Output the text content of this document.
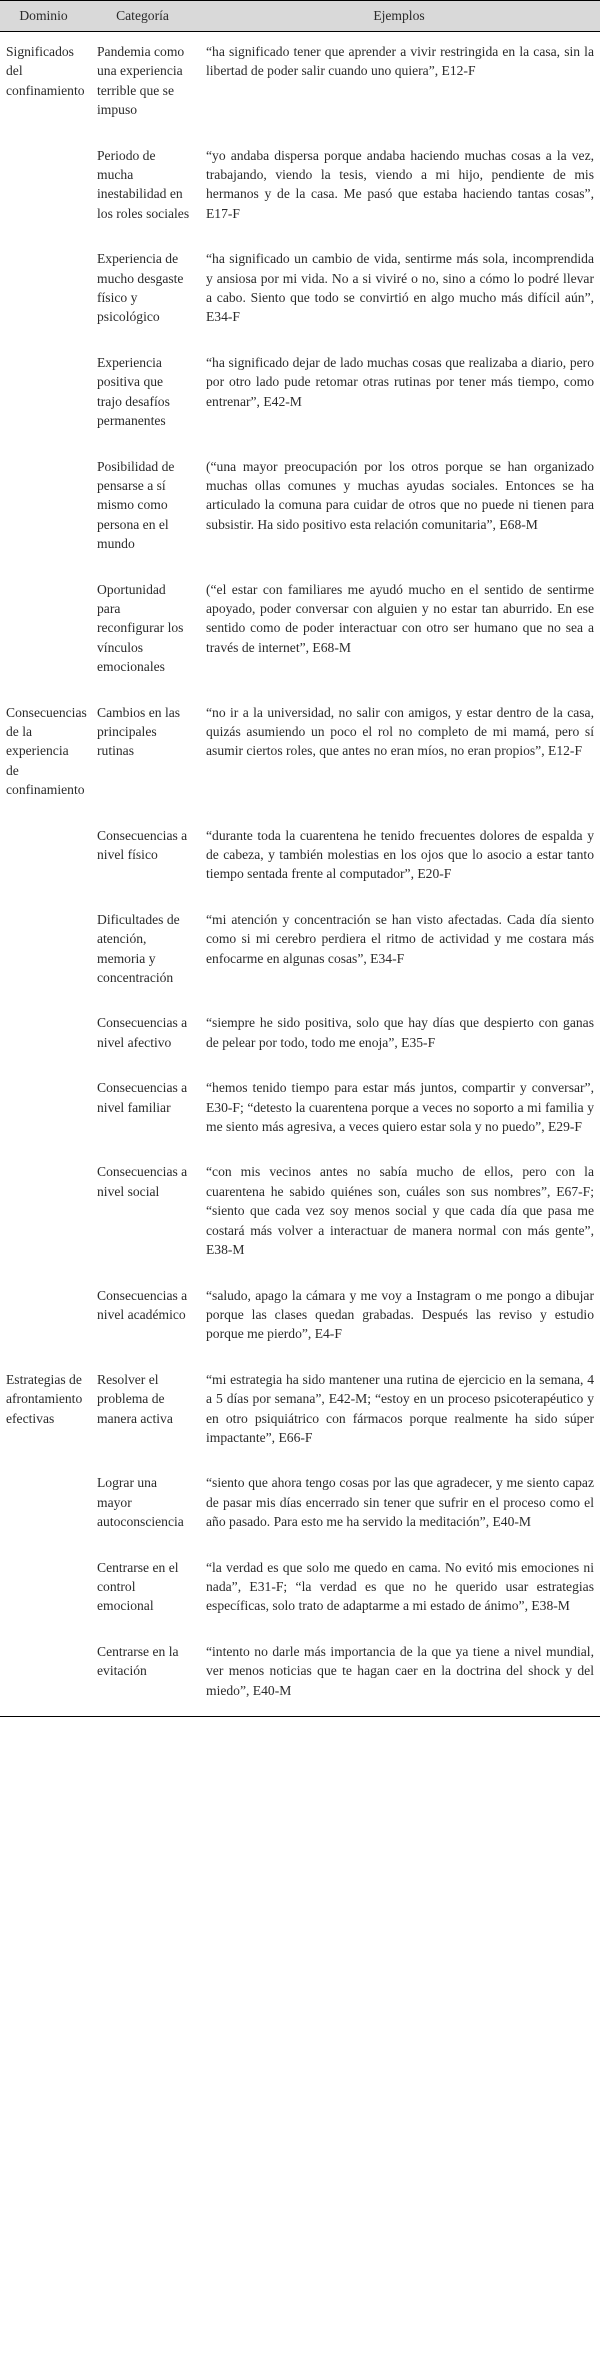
Dominio	Categoría	Ejemplos
Significados del confinamiento	Pandemia como una experiencia terrible que se impuso	“ha significado tener que aprender a vivir restringida en la casa, sin la libertad de poder salir cuando uno quiera”, E12-F
	Periodo de mucha inestabilidad en los roles sociales	“yo andaba dispersa porque andaba haciendo muchas cosas a la vez, trabajando, viendo la tesis, viendo a mi hijo, pendiente de mis hermanos y de la casa. Me pasó que estaba haciendo tantas cosas”, E17-F
	Experiencia de mucho desgaste físico y psicológico	“ha significado un cambio de vida, sentirme más sola, incomprendida y ansiosa por mi vida. No a si viviré o no, sino a cómo lo podré llevar a cabo. Siento que todo se convirtió en algo mucho más difícil aún”, E34-F
	Experiencia positiva que trajo desafíos permanentes	“ha significado dejar de lado muchas cosas que realizaba a diario, pero por otro lado pude retomar otras rutinas por tener más tiempo, como entrenar”, E42-M
	Posibilidad de pensarse a sí mismo como persona en el mundo	(“una mayor preocupación por los otros porque se han organizado muchas ollas comunes y muchas ayudas sociales. Entonces se ha articulado la comuna para cuidar de otros que no puede ni tienen para subsistir. Ha sido positivo esta relación comunitaria”, E68-M
	Oportunidad para reconfigurar los vínculos emocionales	(“el estar con familiares me ayudó mucho en el sentido de sentirme apoyado, poder conversar con alguien y no estar tan aburrido. En ese sentido como de poder interactuar con otro ser humano que no sea a través de internet”, E68-M
Consecuencias de la experiencia de confinamiento	Cambios en las principales rutinas	“no ir a la universidad, no salir con amigos, y estar dentro de la casa, quizás asumiendo un poco el rol no completo de mi mamá, pero sí asumir ciertos roles, que antes no eran míos, no eran propios”, E12-F
	Consecuencias a nivel físico	“durante toda la cuarentena he tenido frecuentes dolores de espalda y de cabeza, y también molestias en los ojos que lo asocio a estar tanto tiempo sentada frente al computador”, E20-F
	Dificultades de atención, memoria y concentración	“mi atención y concentración se han visto afectadas. Cada día siento como si mi cerebro perdiera el ritmo de actividad y me costara más enfocarme en algunas cosas”, E34-F
	Consecuencias a nivel afectivo	“siempre he sido positiva, solo que hay días que despierto con ganas de pelear por todo, todo me enoja”, E35-F
	Consecuencias a nivel familiar	“hemos tenido tiempo para estar más juntos, compartir y conversar”, E30-F; “detesto la cuarentena porque a veces no soporto a mi familia y me siento más agresiva, a veces quiero estar sola y no puedo”, E29-F
	Consecuencias a nivel social	“con mis vecinos antes no sabía mucho de ellos, pero con la cuarentena he sabido quiénes son, cuáles son sus nombres”, E67-F; “siento que cada vez soy menos social y que cada día que pasa me costará más volver a interactuar de manera normal con más gente”, E38-M
	Consecuencias a nivel académico	“saludo, apago la cámara y me voy a Instagram o me pongo a dibujar porque las clases quedan grabadas. Después las reviso y estudio porque me pierdo”, E4-F
Estrategias de afrontamiento efectivas	Resolver el problema de manera activa	“mi estrategia ha sido mantener una rutina de ejercicio en la semana, 4 a 5 días por semana”, E42-M; “estoy en un proceso psicoterapéutico y en otro psiquiátrico con fármacos porque realmente ha sido súper impactante”, E66-F
	Lograr una mayor autoconsciencia	“siento que ahora tengo cosas por las que agradecer, y me siento capaz de pasar mis días encerrado sin tener que sufrir en el proceso como el año pasado. Para esto me ha servido la meditación”, E40-M
	Centrarse en el control emocional	“la verdad es que solo me quedo en cama. No evitó mis emociones ni nada”, E31-F; “la verdad es que no he querido usar estrategias específicas, solo trato de adaptarme a mi estado de ánimo”, E38-M
	Centrarse en la evitación	“intento no darle más importancia de la que ya tiene a nivel mundial, ver menos noticias que te hagan caer en la doctrina del shock y del miedo”, E40-M
